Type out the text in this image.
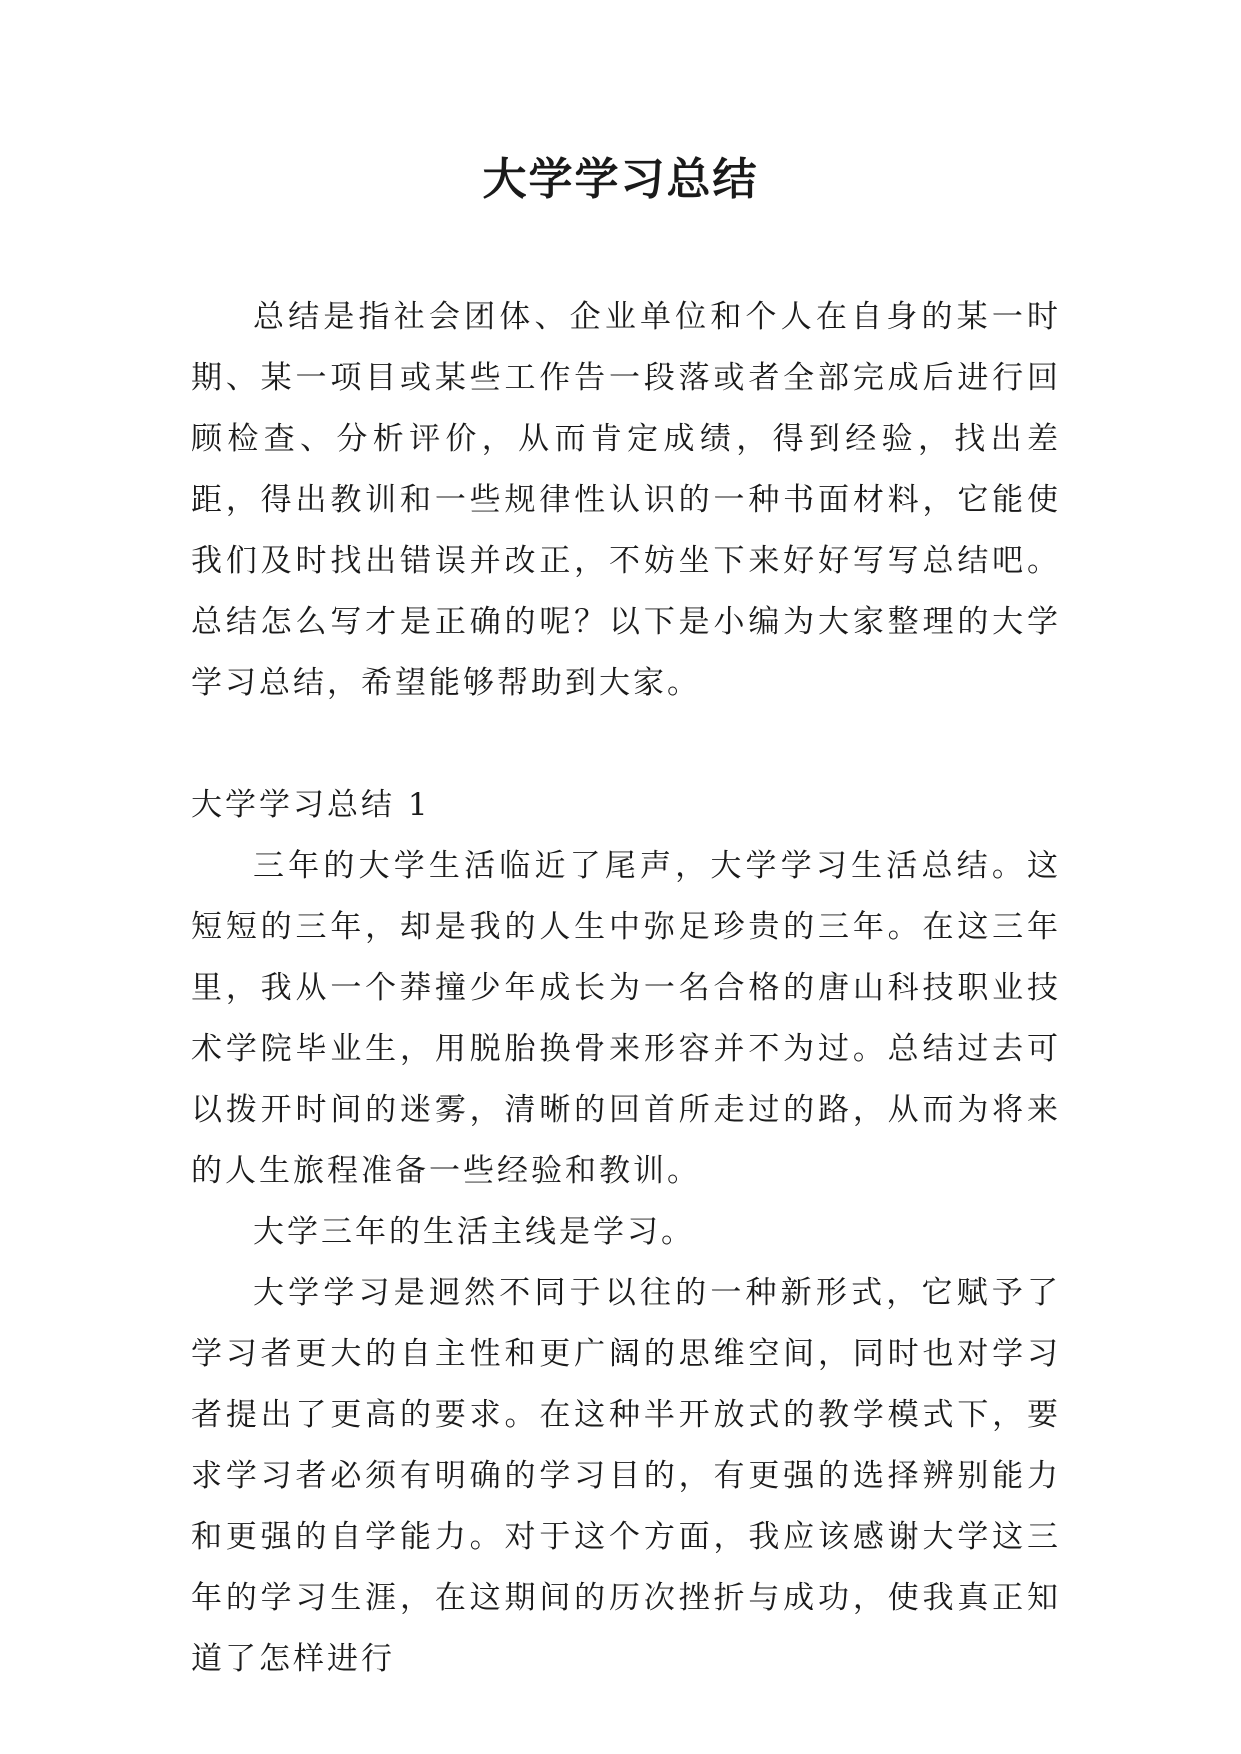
大学学习总结

总结是指社会团体、企业单位和个人在自身的某一时期、某一项目或某些工作告一段落或者全部完成后进行回顾检查、分析评价，从而肯定成绩，得到经验，找出差距，得出教训和一些规律性认识的一种书面材料，它能使我们及时找出错误并改正，不妨坐下来好好写写总结吧。总结怎么写才是正确的呢？以下是小编为大家整理的大学学习总结，希望能够帮助到大家。

大学学习总结 1

三年的大学生活临近了尾声，大学学习生活总结。这短短的三年，却是我的人生中弥足珍贵的三年。在这三年里，我从一个莽撞少年成长为一名合格的唐山科技职业技术学院毕业生，用脱胎换骨来形容并不为过。总结过去可以拨开时间的迷雾，清晰的回首所走过的路，从而为将来的人生旅程准备一些经验和教训。

大学三年的生活主线是学习。

大学学习是迥然不同于以往的一种新形式，它赋予了学习者更大的自主性和更广阔的思维空间，同时也对学习者提出了更高的要求。在这种半开放式的教学模式下，要求学习者必须有明确的学习目的，有更强的选择辨别能力和更强的自学能力。对于这个方面，我应该感谢大学这三年的学习生涯，在这期间的历次挫折与成功，使我真正知道了怎样进行
